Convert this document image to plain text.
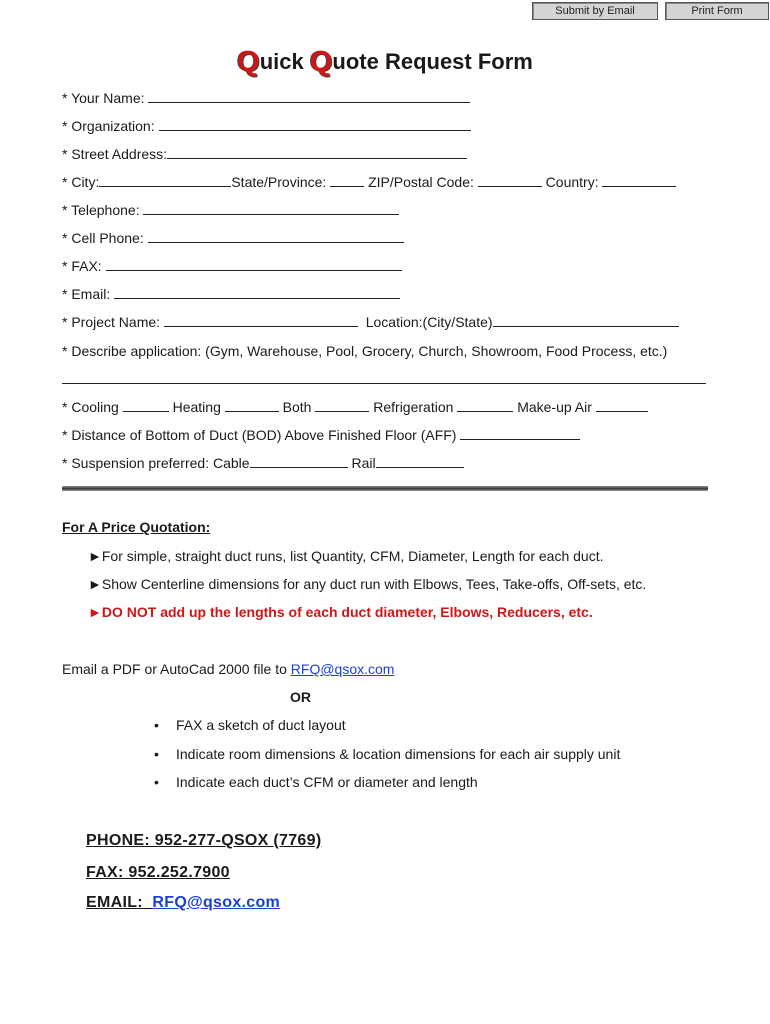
Submit by Email	Print Form
Quick Quote Request Form
* Your Name:
* Organization:
* Street Address:
* City:	State/Province:	ZIP/Postal Code:	Country:
* Telephone:
* Cell Phone:
* FAX:
* Email:
* Project Name:	Location:(City/State)
* Describe application: (Gym, Warehouse, Pool, Grocery, Church, Showroom, Food Process, etc.)
* Cooling	Heating	Both	Refrigeration	Make-up Air
* Distance of Bottom of Duct (BOD) Above Finished Floor (AFF)
* Suspension preferred: Cable	Rail
For A Price Quotation:
►For simple, straight duct runs, list Quantity, CFM, Diameter, Length for each duct.
►Show Centerline dimensions for any duct run with Elbows, Tees, Take-offs, Off-sets, etc.
►DO NOT add up the lengths of each duct diameter, Elbows, Reducers, etc.
Email a PDF or AutoCad 2000 file to RFQ@qsox.com
OR
• FAX a sketch of duct layout
• Indicate room dimensions & location dimensions for each air supply unit
• Indicate each duct’s CFM or diameter and length
PHONE: 952-277-QSOX (7769)
FAX: 952.252.7900
EMAIL:  RFQ@qsox.com
